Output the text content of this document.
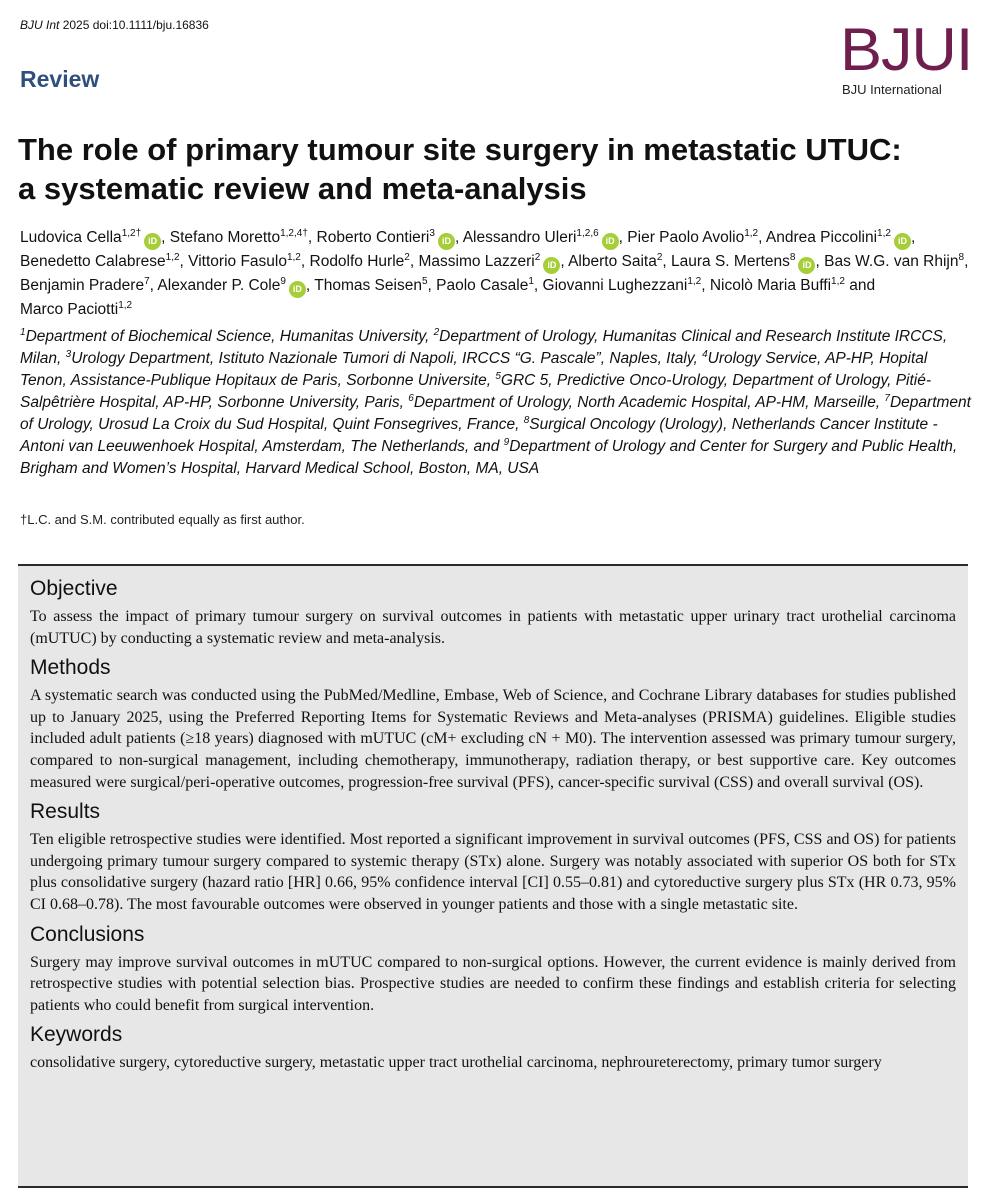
BJU Int 2025 doi:10.1111/bju.16836	BJUI
BJU International
Review
The role of primary tumour site surgery in metastatic UTUC: a systematic review and meta-analysis
Ludovica Cella$^{1,2\dagger}$iD , Stefano Moretto$^{1,2,4\dagger}$, Roberto Contieri$^3$iD , Alessandro Uleri$^{1,2,6}$iD , Pier Paolo Avolio$^{1,2}$, Andrea Piccolini$^{1,2}$iD , Benedetto Calabrese$^{1,2}$, Vittorio Fasulo$^{1,2}$, Rodolfo Hurle$^2$, Massimo Lazzeri$^2$iD , Alberto Saita$^2$, Laura S. Mertens$^8$iD , Bas W.G. van Rhijn$^8$, Benjamin Pradere$^7$, Alexander P. Cole$^9$iD , Thomas Seisen$^5$, Paolo Casale$^1$, Giovanni Lughezzani$^{1,2}$, Nicolò Maria Buffi$^{1,2}$ and Marco Paciotti$^{1,2}$
$^1$Department of Biochemical Science, Humanitas University, $^2$Department of Urology, Humanitas Clinical and Research Institute IRCCS, Milan, $^3$Urology Department, Istituto Nazionale Tumori di Napoli, IRCCS “G. Pascale”, Naples, Italy, $^4$Urology Service, AP-HP, Hopital Tenon, Assistance-Publique Hopitaux de Paris, Sorbonne Universite, $^5$GRC 5, Predictive Onco-Urology, Department of Urology, Pitié-Salpêtrière Hospital, AP-HP, Sorbonne University, Paris, $^6$Department of Urology, North Academic Hospital, AP-HM, Marseille, $^7$Department of Urology, Urosud La Croix du Sud Hospital, Quint Fonsegrives, France, $^8$Surgical Oncology (Urology), Netherlands Cancer Institute - Antoni van Leeuwenhoek Hospital, Amsterdam, The Netherlands, and $^9$Department of Urology and Center for Surgery and Public Health, Brigham and Women’s Hospital, Harvard Medical School, Boston, MA, USA
†L.C. and S.M. contributed equally as first author.
Objective

To assess the impact of primary tumour surgery on survival outcomes in patients with metastatic upper urinary tract urothelial carcinoma (mUTUC) by conducting a systematic review and meta-analysis.

Methods

A systematic search was conducted using the PubMed/Medline, Embase, Web of Science, and Cochrane Library databases for studies published up to January 2025, using the Preferred Reporting Items for Systematic Reviews and Meta-analyses (PRISMA) guidelines. Eligible studies included adult patients (≥18 years) diagnosed with mUTUC (cM+ excluding cN + M0). The intervention assessed was primary tumour surgery, compared to non-surgical management, including chemotherapy, immunotherapy, radiation therapy, or best supportive care. Key outcomes measured were surgical/peri-operative outcomes, progression-free survival (PFS), cancer-specific survival (CSS) and overall survival (OS).

Results

Ten eligible retrospective studies were identified. Most reported a significant improvement in survival outcomes (PFS, CSS and OS) for patients undergoing primary tumour surgery compared to systemic therapy (STx) alone. Surgery was notably associated with superior OS both for STx plus consolidative surgery (hazard ratio [HR] 0.66, 95% confidence interval [CI] 0.55–0.81) and cytoreductive surgery plus STx (HR 0.73, 95% CI 0.68–0.78). The most favourable outcomes were observed in younger patients and those with a single metastatic site.

Conclusions

Surgery may improve survival outcomes in mUTUC compared to non-surgical options. However, the current evidence is mainly derived from retrospective studies with potential selection bias. Prospective studies are needed to confirm these findings and establish criteria for selecting patients who could benefit from surgical intervention.

Keywords

consolidative surgery, cytoreductive surgery, metastatic upper tract urothelial carcinoma, nephroureterectomy, primary tumor surgery
